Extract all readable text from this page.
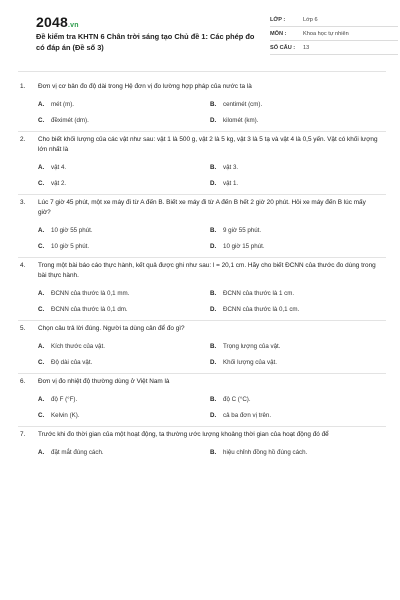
2048.vn
Đề kiểm tra KHTN 6 Chân trời sáng tạo Chủ đề 1: Các phép đo có đáp án (Đề số 3)
LỚP :	Lớp 6
MÔN :	Khoa học tự nhiên
SỐ CÂU :	13
1.	Đơn vị cơ bản đo độ dài trong Hệ đơn vị đo lường hợp pháp của nước ta là
A.	mét (m).	B.	centimét (cm).
C.	đềximét (dm).	D.	kilomét (km).
2.	Cho biết khối lượng của các vật như sau: vật 1 là 500 g, vật 2 là 5 kg, vật 3 là 5 tạ và vật 4 là 0,5 yến. Vật có khối lượng lớn nhất là
A.	vật 4.	B.	vật 3.
C.	vật 2.	D.	vật 1.
3.	Lúc 7 giờ 45 phút, một xe máy đi từ A đến B. Biết xe máy đi từ A đến B hết 2 giờ 20 phút. Hỏi xe máy đến B lúc mấy giờ?
A.	10 giờ 55 phút.	B.	9 giờ 55 phút.
C.	10 giờ 5 phút.	D.	10 giờ 15 phút.
4.	Trong một bài báo cáo thực hành, kết quả được ghi như sau: l = 20,1 cm. Hãy cho biết ĐCNN của thước đo dùng trong bài thực hành.
A.	ĐCNN của thước là 0,1 mm.	B.	ĐCNN của thước là 1 cm.
C.	ĐCNN của thước là 0,1 dm.	D.	ĐCNN của thước là 0,1 cm.
5.	Chọn câu trả lời đúng. Người ta dùng cân để đo gì?
A.	Kích thước của vật.	B.	Trọng lượng của vật.
C.	Độ dài của vật.	D.	Khối lượng của vật.
6.	Đơn vị đo nhiệt độ thường dùng ở Việt Nam là
A.	độ F (°F).	B.	độ C (°C).
C.	Kelvin (K).	D.	cả ba đơn vị trên.
7.	Trước khi đo thời gian của một hoạt động, ta thường ước lượng khoảng thời gian của hoạt động đó để
A.	đặt mắt đúng cách.	B.	hiệu chỉnh đồng hồ đúng cách.
